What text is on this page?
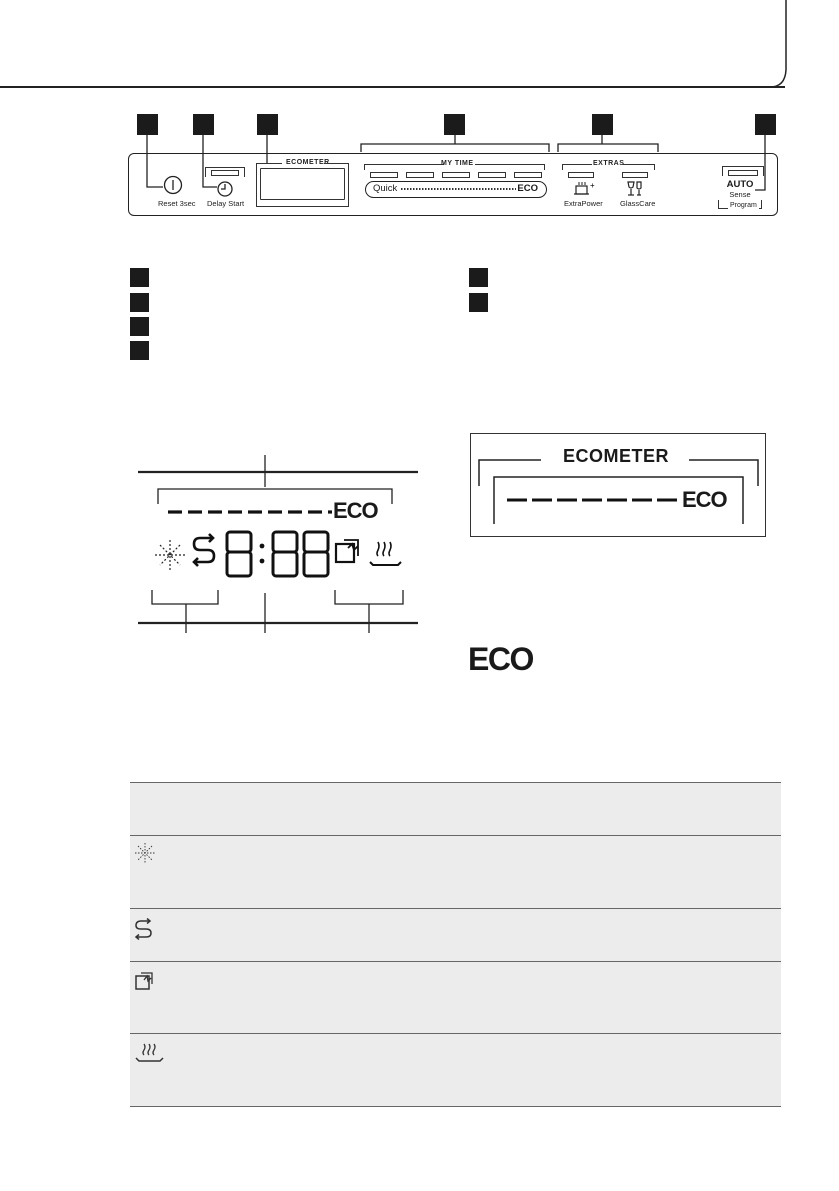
Reset 3sec Delay Start
ECOMETER	MY TIME
Quick	ECO
EXTRAS
+
ExtraPower GlassCare
AUTO
Sense
Program
ECO
ECOMETER
ECO
ECO
